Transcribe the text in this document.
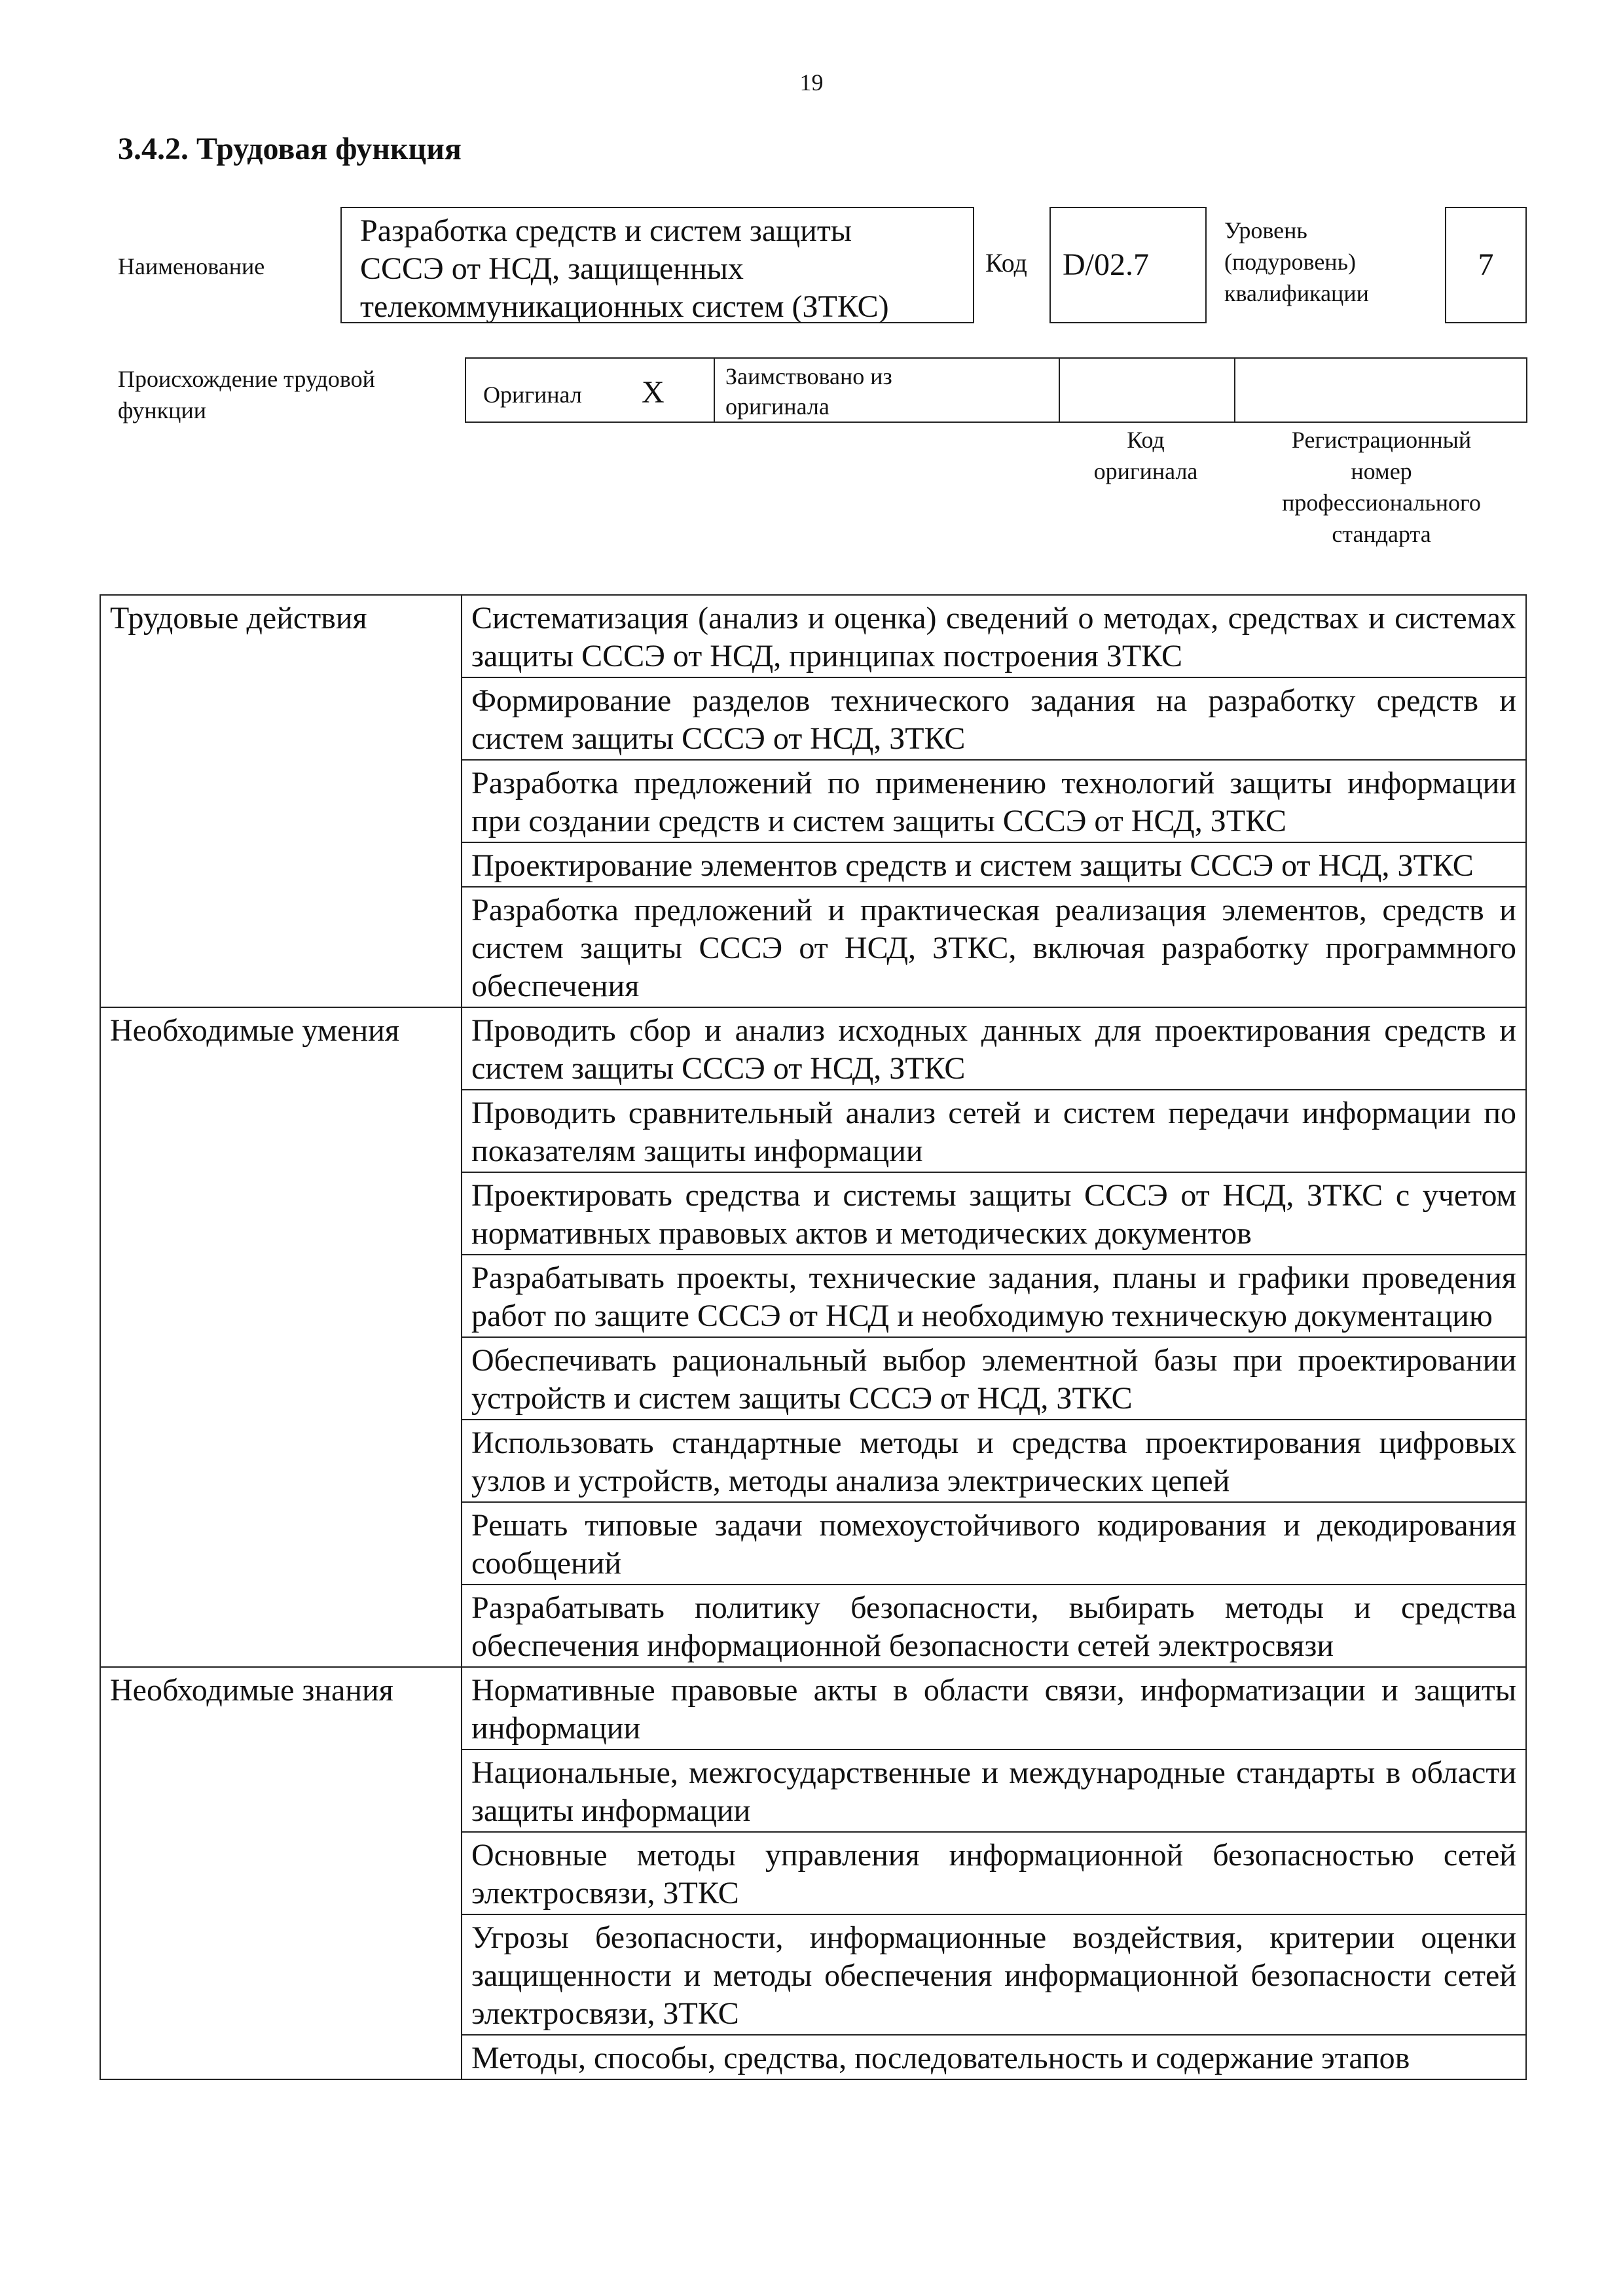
19
3.4.2. Трудовая функция
Наименование
Разработка средств и систем защиты
СССЭ от НСД, защищенных
телекоммуникационных систем (ЗТКС)
Код D/02.7
Уровень
(подуровень)
квалификации
7
Происхождение трудовой
функции
Оригинал X	Заимствовано из
оригинала
Код
оригинала
Регистрационный
номер
профессионального
стандарта
Трудовые действия	Систематизация (анализ и оценка) сведений о методах, средствах и системах защиты СССЭ от НСД, принципах построения ЗТКС
	Формирование разделов технического задания на разработку средств и систем защиты СССЭ от НСД, ЗТКС
	Разработка предложений по применению технологий защиты информации при создании средств и систем защиты СССЭ от НСД, ЗТКС
	Проектирование элементов средств и систем защиты СССЭ от НСД, ЗТКС
	Разработка предложений и практическая реализация элементов, средств и систем защиты СССЭ от НСД, ЗТКС, включая разработку программного обеспечения
Необходимые умения	Проводить сбор и анализ исходных данных для проектирования средств и систем защиты СССЭ от НСД, ЗТКС
	Проводить сравнительный анализ сетей и систем передачи информации по показателям защиты информации
	Проектировать средства и системы защиты СССЭ от НСД, ЗТКС с учетом нормативных правовых актов и методических документов
	Разрабатывать проекты, технические задания, планы и графики проведения работ по защите СССЭ от НСД и необходимую техническую документацию
	Обеспечивать рациональный выбор элементной базы при проектировании устройств и систем защиты СССЭ от НСД, ЗТКС
	Использовать стандартные методы и средства проектирования цифровых узлов и устройств, методы анализа электрических цепей
	Решать типовые задачи помехоустойчивого кодирования и декодирования сообщений
	Разрабатывать политику безопасности, выбирать методы и средства обеспечения информационной безопасности сетей электросвязи
Необходимые знания	Нормативные правовые акты в области связи, информатизации и защиты информации
	Национальные, межгосударственные и международные стандарты в области защиты информации
	Основные методы управления информационной безопасностью сетей электросвязи, ЗТКС
	Угрозы безопасности, информационные воздействия, критерии оценки защищенности и методы обеспечения информационной безопасности сетей электросвязи, ЗТКС
	Методы, способы, средства, последовательность и содержание этапов
